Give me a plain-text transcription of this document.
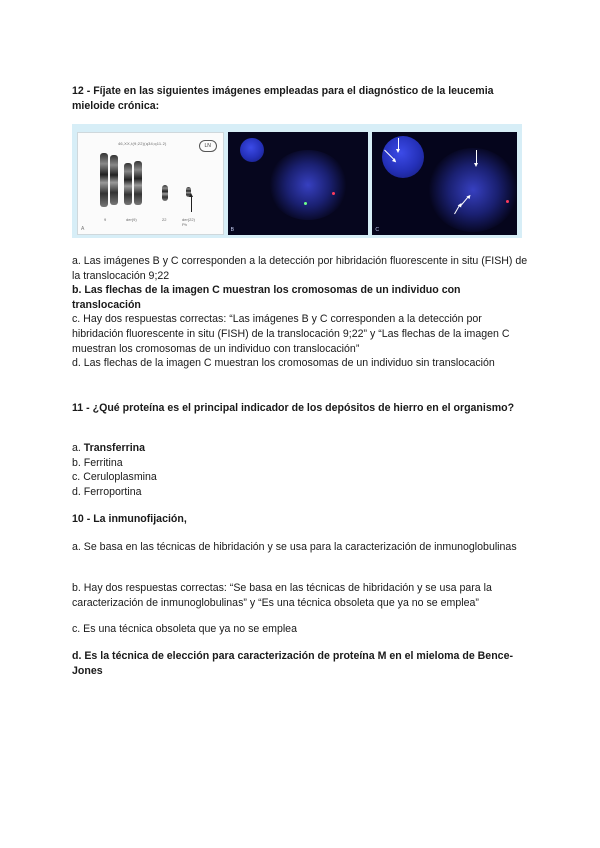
12 - Fíjate en las siguientes imágenes empleadas para el diagnóstico de la leucemia mieloide crónica:

46,XX,t(9;22)(q34;q11.2)	LN
9	der(9)	22	der(22)
Ph
A	B	C

a. Las imágenes B y C corresponden a la detección por hibridación fluorescente in situ (FISH) de la translocación 9;22

b. Las flechas de la imagen C muestran los cromosomas de un individuo con translocación

c. Hay dos respuestas correctas: “Las imágenes B y C corresponden a la detección por hibridación fluorescente in situ (FISH) de la translocación 9;22” y “Las flechas de la imagen C muestran los cromosomas de un individuo con translocación”

d. Las flechas de la imagen C muestran los cromosomas de un individuo sin translocación

11 - ¿Qué proteína es el principal indicador de los depósitos de hierro en el organismo?

a. Transferrina

b. Ferritina

c. Ceruloplasmina

d. Ferroportina

10 - La inmunofijación,

a. Se basa en las técnicas de hibridación y se usa para la caracterización de inmunoglobulinas

b. Hay dos respuestas correctas: “Se basa en las técnicas de hibridación y se usa para la caracterización de inmunoglobulinas” y “Es una técnica obsoleta que ya no se emplea”

c. Es una técnica obsoleta que ya no se emplea

d. Es la técnica de elección para caracterización de proteína M en el mieloma de Bence-Jones
